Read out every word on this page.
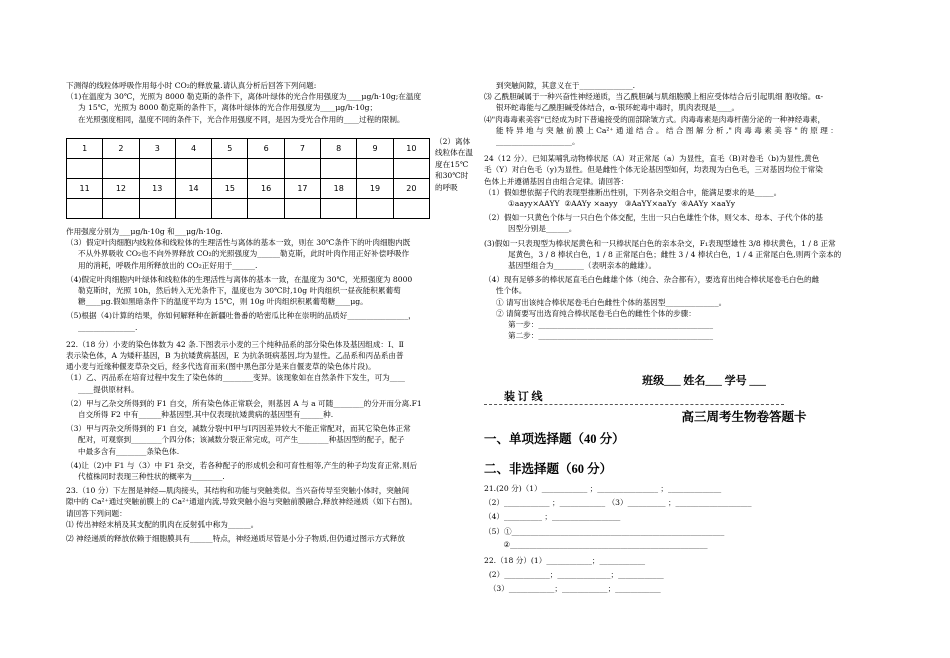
下测得的线粒体呼吸作用每小时 CO₂的释放量.请认真分析后回答下列问题:

（1)在温度为 30℃，光照为 8000 勒克斯的条件下，离体叶绿体的光合作用强度为____μg/h·10g;在温度

为 15℃，光照为 8000 勒克斯的条件下，离体叶绿体的光合作用强度为____μg/h·10g；

在光照强度相同，温度不同的条件下，光合作用强度不同，是因为受光合作用的____过程的限制。

1	2	3	4	5	6	7	8	9	10

11	12	13	14	15	16	17	18	19	20

（2）离体线粒体在温度在15℃和30℃时的呼吸

作用强度分别为___μg/h·10g 和___μg/h·10g.

（3）假定叶肉细胞内线粒体和线粒体的生理活性与离体的基本一致，则在 30℃条件下的叶肉细胞内既

不从外界吸收 CO₂也不向外界释放 CO₂的光照强度为______勒克斯，此时叶肉作用正好补偿呼吸作

用的消耗，呼吸作用所释放出的 CO₂正好用于______.

（4)假定叶肉细胞内叶绿体和线粒体的生理活性与离体的基本一致，在温度为 30℃，光照强度为 8000

勒克斯时，光照 10h，然后转入无光条件下，温度也为 30℃时,10g 叶肉组织一昼夜能积累葡萄

糖____μg.假如黑暗条件下的温度平均为 15℃，则 10g 叶肉组织积累葡萄糖____μg。

（5)根据（4)计算的结果，你如何解释种在新疆吐鲁番的哈密瓜比种在崇明的品质好________________，

_______________.

22.（18 分）小麦的染色体数为 42 条.下图表示小麦的三个纯种品系的部分染色体及基因组成：Ⅰ、Ⅱ

表示染色体，A 为矮秆基因，B 为抗矮黄病基因，E 为抗条斑病基因,均为显性。乙品系和丙品系由普

通小麦与近缘种偃麦草杂交后，经多代选育而来(图中黑色部分是来自偃麦草的染色体片段)。

（1）乙、丙品系在培育过程中发生了染色体的________变异。该现象如在自然条件下发生，可为____

____提供原材料。

（2）甲与乙杂交所得到的 F1 自交，所有染色体正常联会，则基因 A 与 a 可随________的分开而分离.F1

自交所得 F2 中有______种基因型,其中仅表现抗矮黄病的基因型有______种.

（3）甲与丙杂交所得到的 F1 自交，减数分裂中Ⅰ甲与Ⅰ丙因差异较大不能正常配对，而其它染色体正常

配对，可观察到________个四分体；该减数分裂正常完成，可产生________种基因型的配子，配子

中最多含有________条染色体.

（4)让（2)中 F1 与（3）中 F1 杂交，若各种配子的形成机会和可育性相等,产生的种子均发育正常,则后

代植株同时表现三种性状的概率为________.

23.（10 分）下左图是神经—肌肉接头，其结构和功能与突触类似。当兴奋传导至突触小体时，突触间

隙中的 Ca²⁺通过突触前膜上的 Ca²⁺通道内流,导致突触小泡与突触前膜融合,释放神经递质（如下右图)。

请回答下列问题：

⑴ 传出神经末梢及其支配的肌肉在反射弧中称为______。

⑵ 神经递质的释放依赖于细胞膜具有______特点，神经递质尽管是小分子物质,但仍通过图示方式释放

到突触间隙，其意义在于______________.

⑶ 乙酰胆碱属于一种兴奋性神经递质，当乙酰胆碱与肌细胞膜上相应受体结合后引起肌细 胞收缩。α-

银环蛇毒能与乙酰胆碱受体结合，α-银环蛇毒中毒时，肌肉表现是____。

⑷"肉毒毒素美容"已经成为时下普遍接受的面部除皱方式。肉毒毒素是肉毒杆菌分泌的一种神经毒素，

能 特 异 地 与 突 触 前 膜 上 Ca²⁺ 通 道 结 合 。 结 合 图 解 分 析 ," 肉 毒 毒 素 美 容 " 的 原 理 ：

____________________。

24（12 分）．已知某哺乳动物棒状尾（A）对正常尾（a）为显性，直毛（B)对卷毛（b)为显性,黄色

毛（Y）对白色毛（y)为显性。但是雌性个体无论基因型如何，均表现为白色毛，三对基因均位于常染

色体上并遵循基因自由组合定律。请回答：

（1）假如想依据子代的表现型推断出性别，下列各杂交组合中，能满足要求的是_____。

①aayy×AAYY  ②AAYy ×aayy   ③AaYY×aaYy  ④AAYy ×aaYy

（2）假如一只黄色个体与一只白色个体交配，生出一只白色雄性个体，则父本、母本、子代个体的基

因型分别是______。

(3)假如一只表现型为棒状尾黄色和一只棒状尾白色的亲本杂交，F₁表现型雄性 3/8 棒状黄色，1 / 8 正常

尾黄色，3 / 8 棒状白色，1 / 8 正常尾白色；雌性 3 / 4 棒状白色，1 / 4 正常尾白色,则两个亲本的

基因型组合为________（表明亲本的雌雄）。

（4）现有足够多的棒状尾直毛白色雌雄个体（纯合、杂合都有），要选育出纯合棒状尾卷毛白色的雌

性个体。

① 请写出该纯合棒状尾卷毛白色雌性个体的基因型______________。

② 请简要写出选育纯合棒状尾卷毛白色的雌性个体的步骤：

第一步：______________________________________________

第二步：______________________________________________

班级___ 姓名___ 学号 ___
装 订 线
高三周考生物卷答题卡
一、单项选择题（40 分）
二、非选择题（60 分）

21.(20 分)（1）____________ ；________________ ；______________

（2）____________ ；____________ （3）__________ ；____________________

（4）__________ ；__________________

（5）①________________________________________________________

②____________________________________________________

22.（18 分）(1）____________；____________

(2）____________；______________；____________

（3）____________；____________；____________
